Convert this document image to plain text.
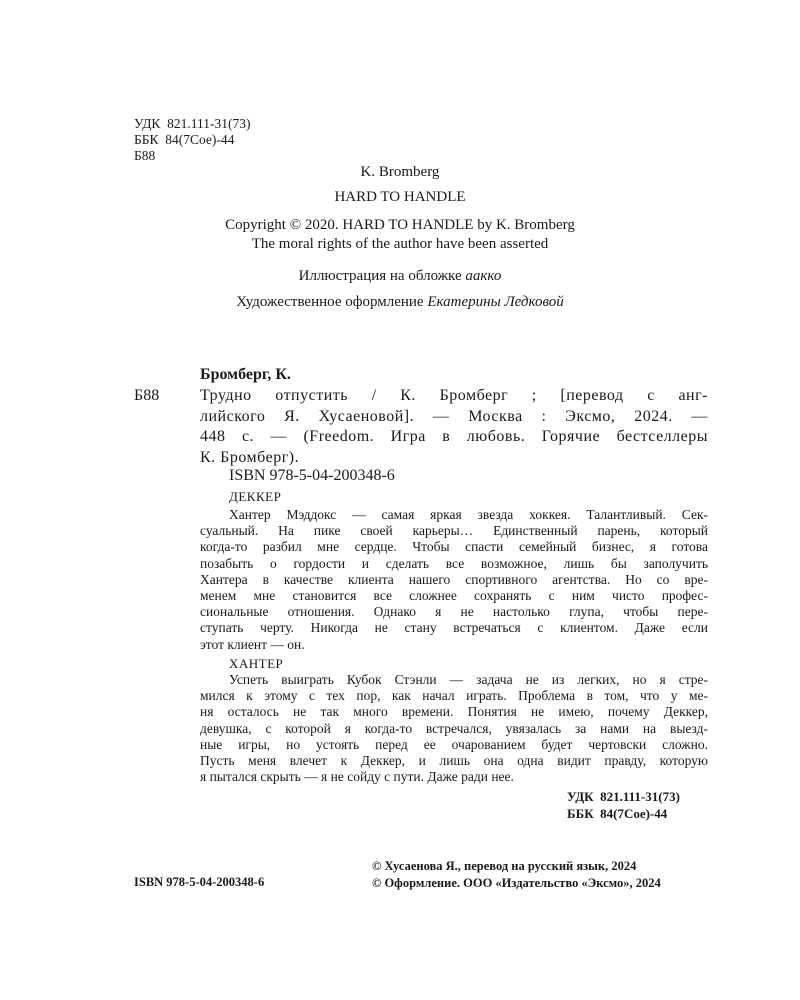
УДК  821.111-31(73)
ББК  84(7Сое)-44
Б88
K. Bromberg
HARD TO HANDLE
Copyright © 2020. HARD TO HANDLE by K. Bromberg
The moral rights of the author have been asserted
Иллюстрация на обложке аакко
Художественное оформление Екатерины Ледковой
Бромберг, К.
Б88	Трудно отпустить / К. Бромберг ; [перевод с анг-
лийского Я. Хусаеновой]. — Москва : Эксмо, 2024. —
448 с. — (Freedom. Игра в любовь. Горячие бестселлеры
К. Бромберг).
ISBN 978-5-04-200348-6
ДЕККЕР
Хантер Мэддокс — самая яркая звезда хоккея. Талантливый. Сек-
суальный. На пике своей карьеры… Единственный парень, который
когда-то разбил мне сердце. Чтобы спасти семейный бизнес, я готова
позабыть о гордости и сделать все возможное, лишь бы заполучить
Хантера в качестве клиента нашего спортивного агентства. Но со вре-
менем мне становится все сложнее сохранять с ним чисто профес-
сиональные отношения. Однако я не настолько глупа, чтобы пере-
ступать черту. Никогда не стану встречаться с клиентом. Даже если
этот клиент — он.
ХАНТЕР
Успеть выиграть Кубок Стэнли — задача не из легких, но я стре-
мился к этому с тех пор, как начал играть. Проблема в том, что у ме-
ня осталось не так много времени. Понятия не имею, почему Деккер,
девушка, с которой я когда-то встречался, увязалась за нами на выезд-
ные игры, но устоять перед ее очарованием будет чертовски сложно.
Пусть меня влечет к Деккер, и лишь она одна видит правду, которую
я пытался скрыть — я не сойду с пути. Даже ради нее.
УДК  821.111-31(73)
ББК  84(7Сое)-44
ISBN 978-5-04-200348-6
© Хусаенова Я., перевод на русский язык, 2024
© Оформление. ООО «Издательство «Эксмо», 2024
